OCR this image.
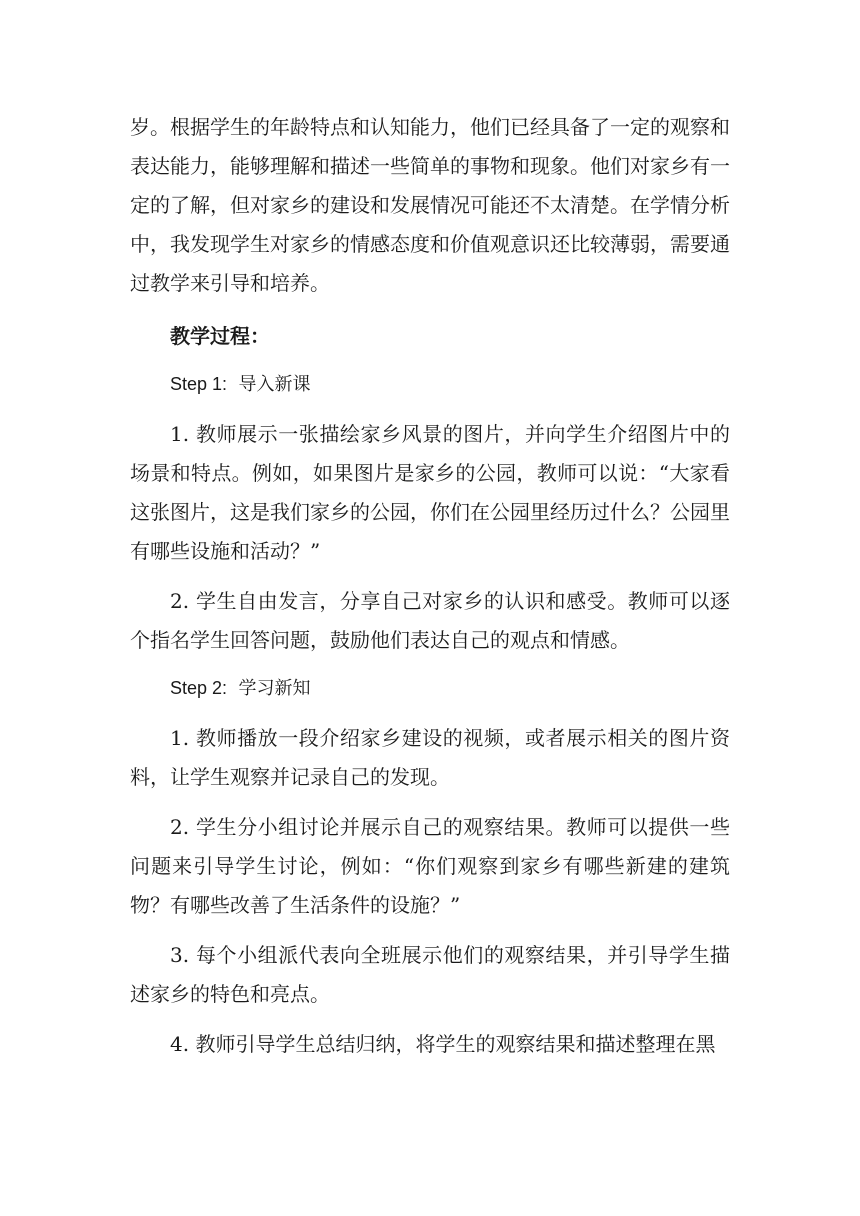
岁。根据学生的年龄特点和认知能力，他们已经具备了一定的观察和表达能力，能够理解和描述一些简单的事物和现象。他们对家乡有一定的了解，但对家乡的建设和发展情况可能还不太清楚。在学情分析中，我发现学生对家乡的情感态度和价值观意识还比较薄弱，需要通过教学来引导和培养。

教学过程：

Step 1: 导入新课

1. 教师展示一张描绘家乡风景的图片，并向学生介绍图片中的场景和特点。例如，如果图片是家乡的公园，教师可以说：“大家看这张图片，这是我们家乡的公园，你们在公园里经历过什么？公园里有哪些设施和活动？”

2. 学生自由发言，分享自己对家乡的认识和感受。教师可以逐个指名学生回答问题，鼓励他们表达自己的观点和情感。

Step 2: 学习新知

1. 教师播放一段介绍家乡建设的视频，或者展示相关的图片资料，让学生观察并记录自己的发现。

2. 学生分小组讨论并展示自己的观察结果。教师可以提供一些问题来引导学生讨论，例如：“你们观察到家乡有哪些新建的建筑物？有哪些改善了生活条件的设施？”

3. 每个小组派代表向全班展示他们的观察结果，并引导学生描述家乡的特色和亮点。

4. 教师引导学生总结归纳，将学生的观察结果和描述整理在黑
